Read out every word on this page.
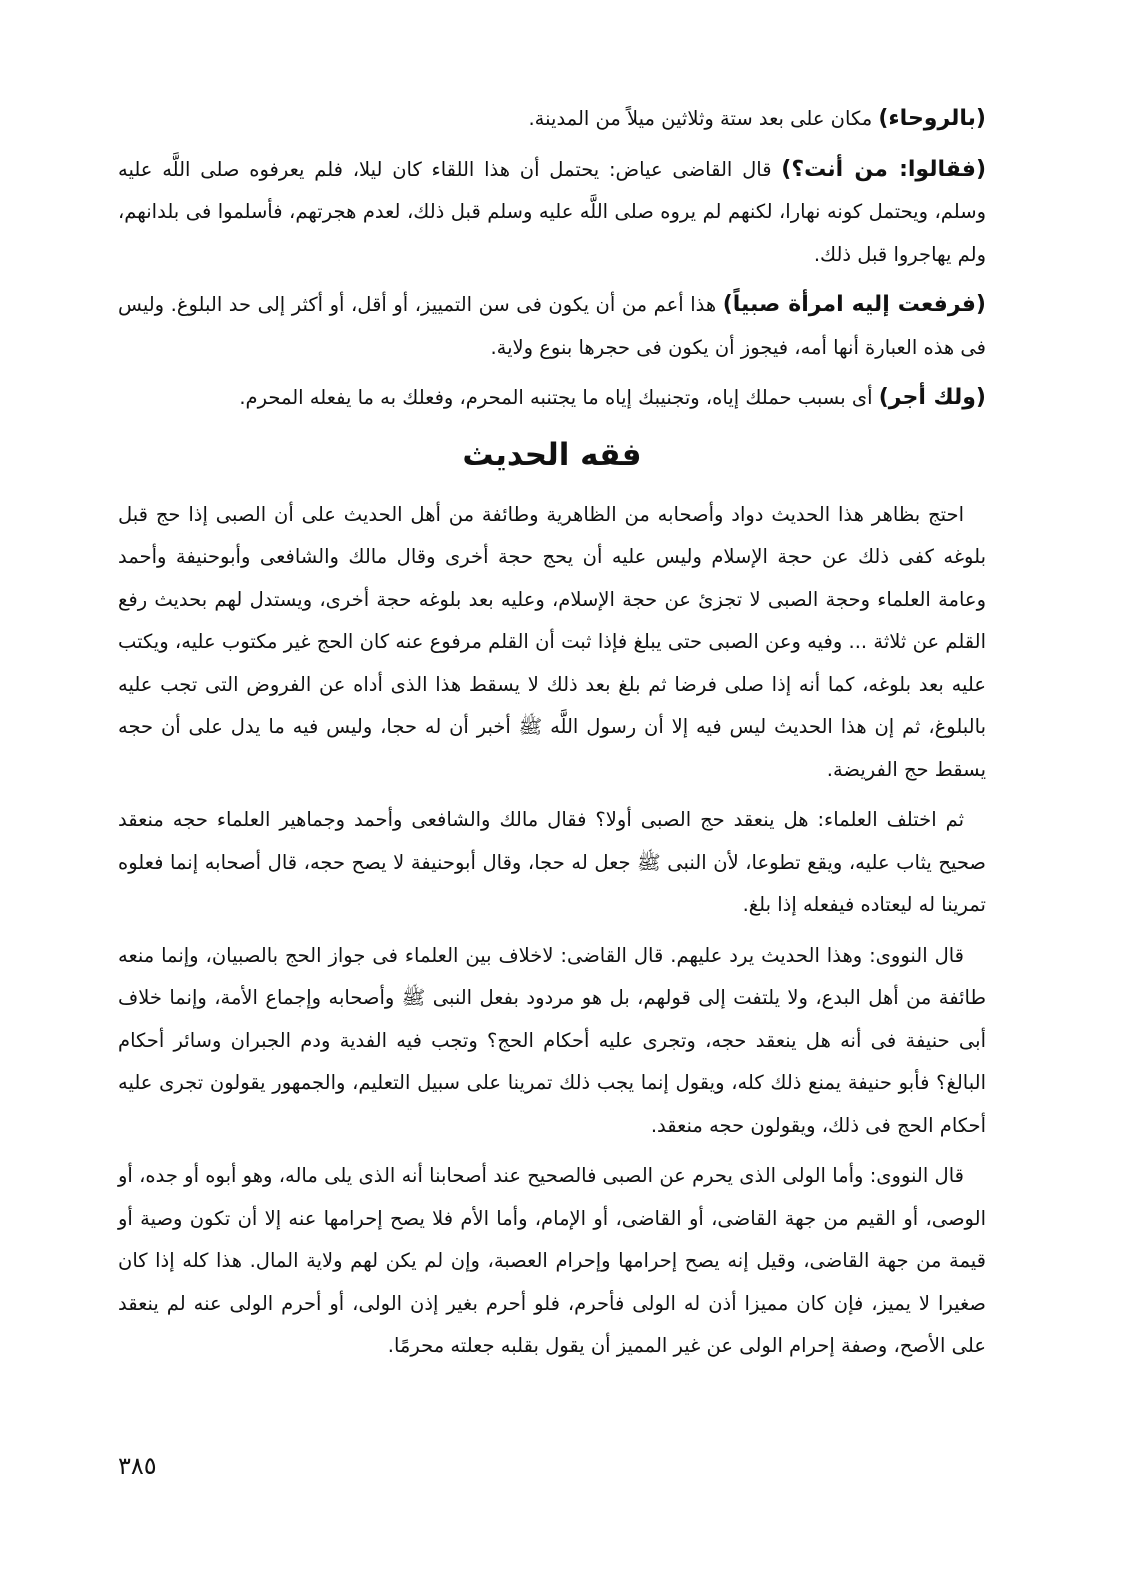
(بالروحاء) مكان على بعد ستة وثلاثين ميلاً من المدينة.

(فقالوا: من أنت؟) قال القاضى عياض: يحتمل أن هذا اللقاء كان ليلا، فلم يعرفوه صلى اللَّه عليه وسلم، ويحتمل كونه نهارا، لكنهم لم يروه صلى اللَّه عليه وسلم قبل ذلك، لعدم هجرتهم، فأسلموا فى بلدانهم، ولم يهاجروا قبل ذلك.

(فرفعت إليه امرأة صبياً) هذا أعم من أن يكون فى سن التمييز، أو أقل، أو أكثر إلى حد البلوغ. وليس فى هذه العبارة أنها أمه، فيجوز أن يكون فى حجرها بنوع ولاية.

(ولك أجر) أى بسبب حملك إياه، وتجنيبك إياه ما يجتنبه المحرم، وفعلك به ما يفعله المحرم.

فقه الحديث

احتج بظاهر هذا الحديث دواد وأصحابه من الظاهرية وطائفة من أهل الحديث على أن الصبى إذا حج قبل بلوغه كفى ذلك عن حجة الإسلام وليس عليه أن يحج حجة أخرى وقال مالك والشافعى وأبوحنيفة وأحمد وعامة العلماء وحجة الصبى لا تجزئ عن حجة الإسلام، وعليه بعد بلوغه حجة أخرى، ويستدل لهم بحديث رفع القلم عن ثلاثة ... وفيه وعن الصبى حتى يبلغ فإذا ثبت أن القلم مرفوع عنه كان الحج غير مكتوب عليه، ويكتب عليه بعد بلوغه، كما أنه إذا صلى فرضا ثم بلغ بعد ذلك لا يسقط هذا الذى أداه عن الفروض التى تجب عليه بالبلوغ، ثم إن هذا الحديث ليس فيه إلا أن رسول اللَّه ﷺ أخبر أن له حجا، وليس فيه ما يدل على أن حجه يسقط حج الفريضة.

ثم اختلف العلماء: هل ينعقد حج الصبى أولا؟ فقال مالك والشافعى وأحمد وجماهير العلماء حجه منعقد صحيح يثاب عليه، ويقع تطوعا، لأن النبى ﷺ جعل له حجا، وقال أبوحنيفة لا يصح حجه، قال أصحابه إنما فعلوه تمرينا له ليعتاده فيفعله إذا بلغ.

قال النووى: وهذا الحديث يرد عليهم. قال القاضى: لاخلاف بين العلماء فى جواز الحج بالصبيان، وإنما منعه طائفة من أهل البدع، ولا يلتفت إلى قولهم، بل هو مردود بفعل النبى ﷺ وأصحابه وإجماع الأمة، وإنما خلاف أبى حنيفة فى أنه هل ينعقد حجه، وتجرى عليه أحكام الحج؟ وتجب فيه الفدية ودم الجبران وسائر أحكام البالغ؟ فأبو حنيفة يمنع ذلك كله، ويقول إنما يجب ذلك تمرينا على سبيل التعليم، والجمهور يقولون تجرى عليه أحكام الحج فى ذلك، ويقولون حجه منعقد.

قال النووى: وأما الولى الذى يحرم عن الصبى فالصحيح عند أصحابنا أنه الذى يلى ماله، وهو أبوه أو جده، أو الوصى، أو القيم من جهة القاضى، أو القاضى، أو الإمام، وأما الأم فلا يصح إحرامها عنه إلا أن تكون وصية أو قيمة من جهة القاضى، وقيل إنه يصح إحرامها وإحرام العصبة، وإن لم يكن لهم ولاية المال. هذا كله إذا كان صغيرا لا يميز، فإن كان مميزا أذن له الولى فأحرم، فلو أحرم بغير إذن الولى، أو أحرم الولى عنه لم ينعقد على الأصح، وصفة إحرام الولى عن غير المميز أن يقول بقلبه جعلته محرمًا.

٣٨٥
